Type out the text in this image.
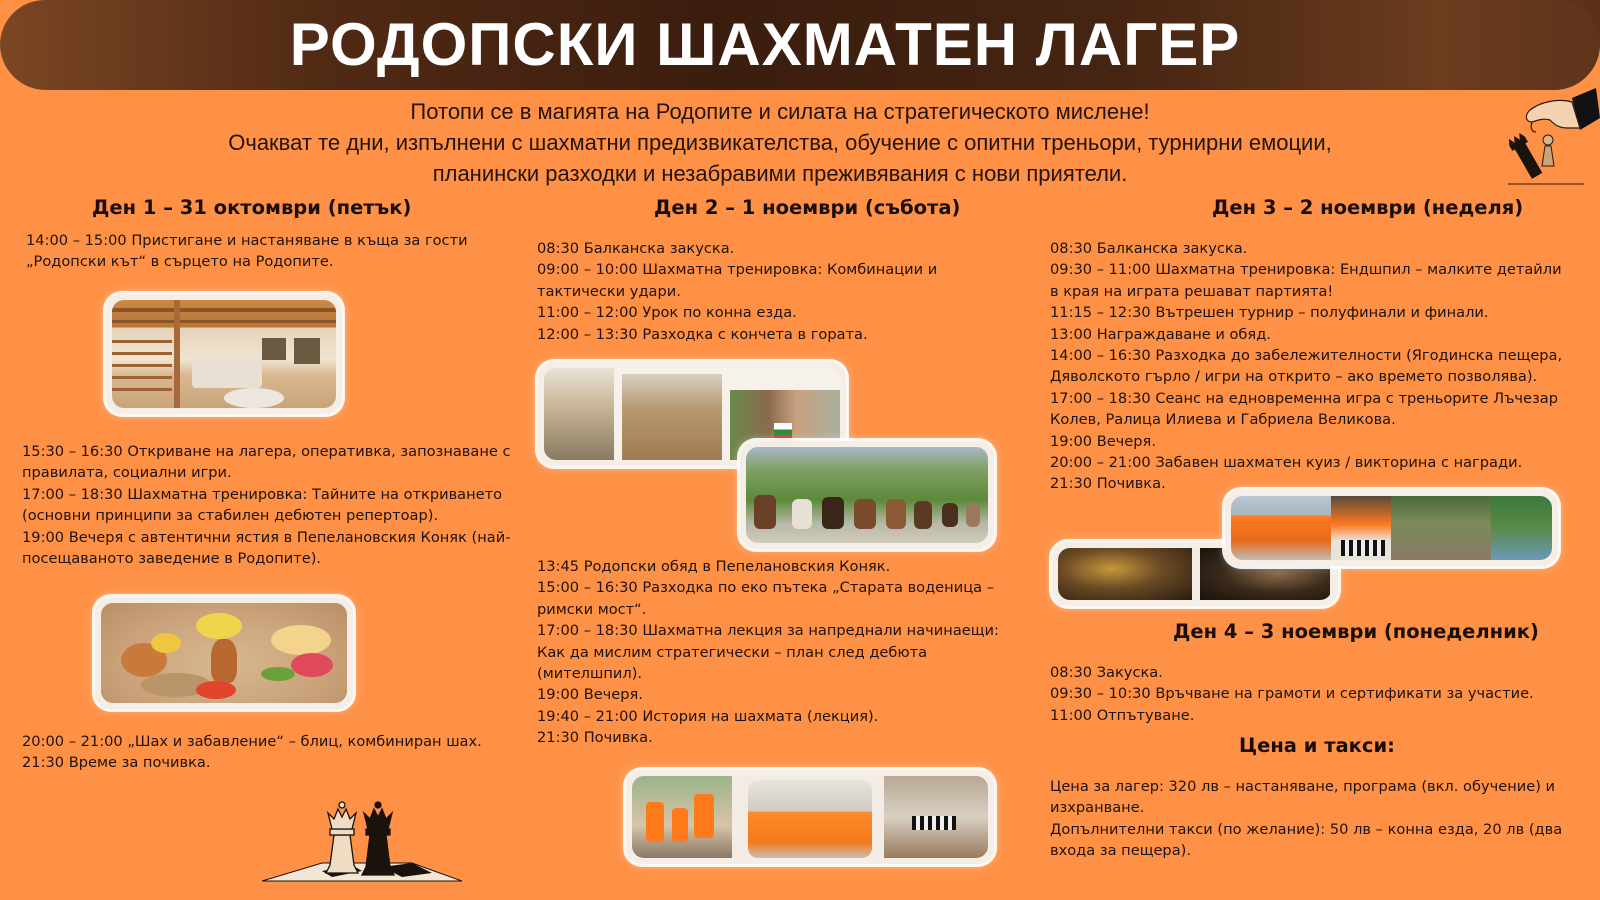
РОДОПСКИ ШАХМАТЕН ЛАГЕР
Потопи се в магията на Родопите и силата на стратегическото мислене!
Очакват те дни, изпълнени с шахматни предизвикателства, обучение с опитни треньори, турнирни емоции,
планински разходки и незабравими преживявания с нови приятели.
Ден 1 – 31 октомври (петък)

14:00 – 15:00 Пристигане и настаняване в къща за гости

„Родопски кът“ в сърцето на Родопите.

15:30 – 16:30 Откриване на лагера, оперативка, запознаване с

правилата, социални игри.

17:00 – 18:30 Шахматна тренировка: Тайните на откриването

(основни принципи за стабилен дебютен репертоар).

19:00 Вечеря с автентични ястия в Пепелановския Коняк (най-

посещаваното заведение в Родопите).

20:00 – 21:00 „Шах и забавление“ – блиц, комбиниран шах.

21:30 Време за почивка.

Ден 2 – 1 ноември (събота)

08:30 Балканска закуска.

09:00 – 10:00 Шахматна тренировка: Комбинации и

тактически удари.

11:00 – 12:00 Урок по конна езда.

12:00 – 13:30 Разходка с кончета в гората.

13:45 Родопски обяд в Пепелановския Коняк.

15:00 – 16:30 Разходка по еко пътека „Старата воденица –

римски мост“.

17:00 – 18:30 Шахматна лекция за напреднали начинаещи:

Как да мислим стратегически – план след дебюта

(мителшпил).

19:00 Вечеря.

19:40 – 21:00 История на шахмата (лекция).

21:30 Почивка.

Ден 3 – 2 ноември (неделя)

08:30 Балканска закуска.

09:30 – 11:00 Шахматна тренировка: Ендшпил – малките детайли

в края на играта решават партията!

11:15 – 12:30 Вътрешен турнир – полуфинали и финали.

13:00 Награждаване и обяд.

14:00 – 16:30 Разходка до забележителности (Ягодинска пещера,

Дяволското гърло / игри на открито – ако времето позволява).

17:00 – 18:30 Сеанс на едновременна игра с треньорите Лъчезар

Колев, Ралица Илиева и Габриела Великова.

19:00 Вечеря.

20:00 – 21:00 Забавен шахматен куиз / викторина с награди.

21:30 Почивка.

Ден 4 – 3 ноември (понеделник)

08:30 Закуска.

09:30 – 10:30 Връчване на грамоти и сертификати за участие.

11:00 Отпътуване.

Цена и такси:

Цена за лагер: 320 лв – настаняване, програма (вкл. обучение) и

изхранване.

Допълнителни такси (по желание): 50 лв – конна езда, 20 лв (два

входа за пещера).
